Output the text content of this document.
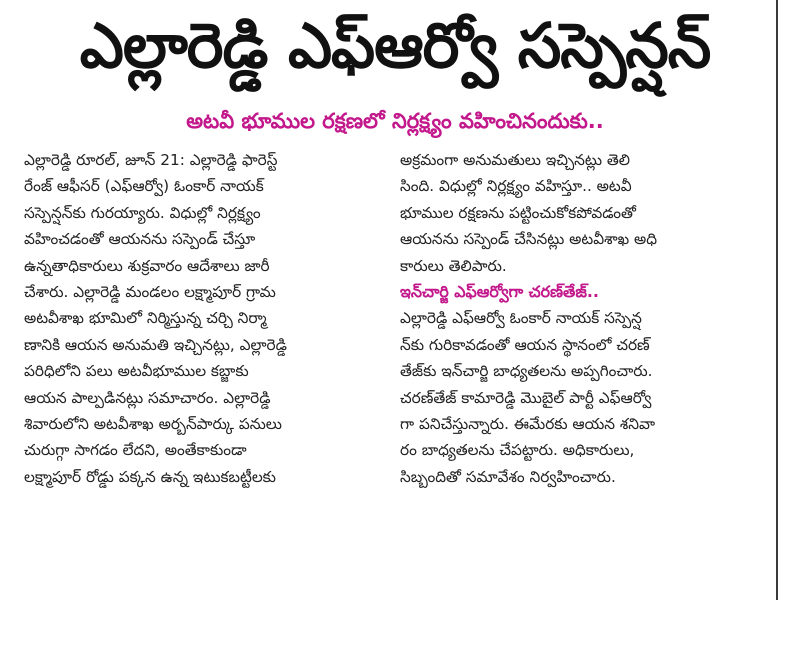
ఎల్లారెడ్డి ఎఫ్ఆర్వో సస్పెన్షన్
అటవీ భూముల రక్షణలో నిర్లక్ష్యం వహించినందుకు..
ఎల్లారెడ్డి రూరల్, జూన్ 21: ఎల్లారెడ్డి ఫారెస్ట్
రేంజ్ ఆఫీసర్ (ఎఫ్ఆర్వో) ఓంకార్ నాయక్
సస్పెన్షన్‌కు గురయ్యారు. విధుల్లో నిర్లక్ష్యం
వహించడంతో ఆయనను సస్పెండ్ చేస్తూ
ఉన్నతాధికారులు శుక్రవారం ఆదేశాలు జారీ
చేశారు. ఎల్లారెడ్డి మండలం లక్ష్మాపూర్ గ్రామ
అటవీశాఖ భూమిలో నిర్మిస్తున్న చర్చి నిర్మా
ణానికి ఆయన అనుమతి ఇచ్చినట్లు, ఎల్లారెడ్డి
పరిధిలోని పలు అటవీభూముల కబ్జాకు
ఆయన పాల్పడినట్లు సమాచారం. ఎల్లారెడ్డి
శివారులోని అటవీశాఖ అర్బన్‌పార్కు పనులు
చురుగ్గా సాగడం లేదని, అంతేకాకుండా
లక్ష్మాపూర్ రోడ్డు పక్కన ఉన్న ఇటుకబట్టీలకు
అక్రమంగా అనుమతులు ఇచ్చినట్లు తెలి
సింది. విధుల్లో నిర్లక్ష్యం వహిస్తూ.. అటవీ
భూముల రక్షణను పట్టించుకోకపోవడంతో
ఆయనను సస్పెండ్ చేసినట్లు అటవీశాఖ అధి
కారులు తెలిపారు.
ఇన్‌చార్జి ఎఫ్ఆర్వోగా చరణ్‌తేజ్..
ఎల్లారెడ్డి ఎఫ్ఆర్వో ఓంకార్ నాయక్ సస్పెన్ష
న్‌కు గురికావడంతో ఆయన స్థానంలో చరణ్
తేజ్‌కు ఇన్‌చార్జి బాధ్యతలను అప్పగించారు.
చరణ్‌తేజ్ కామారెడ్డి మొబైల్ పార్టీ ఎఫ్ఆర్వో
గా పనిచేస్తున్నారు. ఈమేరకు ఆయన శనివా
రం బాధ్యతలను చేపట్టారు. అధికారులు,
సిబ్బందితో సమావేశం నిర్వహించారు.
